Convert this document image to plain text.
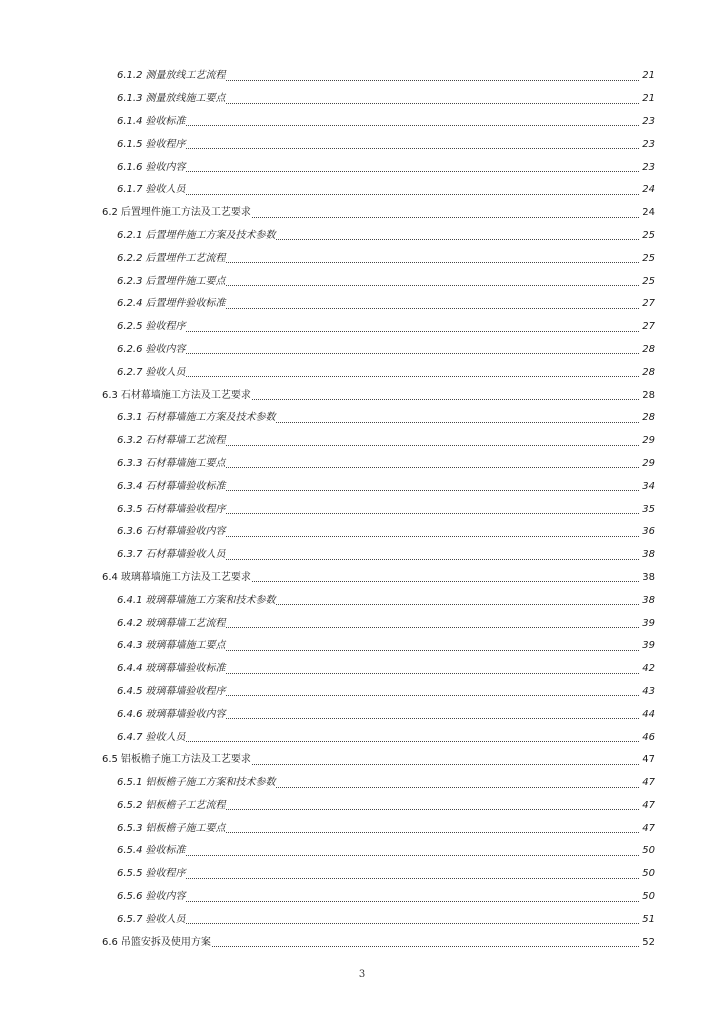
6.1.2 测量放线工艺流程	21
6.1.3 测量放线施工要点	21
6.1.4 验收标准	23
6.1.5 验收程序	23
6.1.6 验收内容	23
6.1.7 验收人员	24
6.2 后置埋件施工方法及工艺要求	24
6.2.1 后置埋件施工方案及技术参数	25
6.2.2 后置埋件工艺流程	25
6.2.3 后置埋件施工要点	25
6.2.4 后置埋件验收标准	27
6.2.5 验收程序	27
6.2.6 验收内容	28
6.2.7 验收人员	28
6.3 石材幕墙施工方法及工艺要求	28
6.3.1 石材幕墙施工方案及技术参数	28
6.3.2 石材幕墙工艺流程	29
6.3.3 石材幕墙施工要点	29
6.3.4 石材幕墙验收标准	34
6.3.5 石材幕墙验收程序	35
6.3.6 石材幕墙验收内容	36
6.3.7 石材幕墙验收人员	38
6.4 玻璃幕墙施工方法及工艺要求	38
6.4.1 玻璃幕墙施工方案和技术参数	38
6.4.2 玻璃幕墙工艺流程	39
6.4.3 玻璃幕墙施工要点	39
6.4.4 玻璃幕墙验收标准	42
6.4.5 玻璃幕墙验收程序	43
6.4.6 玻璃幕墙验收内容	44
6.4.7 验收人员	46
6.5 铝板檐子施工方法及工艺要求	47
6.5.1 铝板檐子施工方案和技术参数	47
6.5.2 铝板檐子工艺流程	47
6.5.3 铝板檐子施工要点	47
6.5.4 验收标准	50
6.5.5 验收程序	50
6.5.6 验收内容	50
6.5.7 验收人员	51
6.6 吊篮安拆及使用方案	52
3
